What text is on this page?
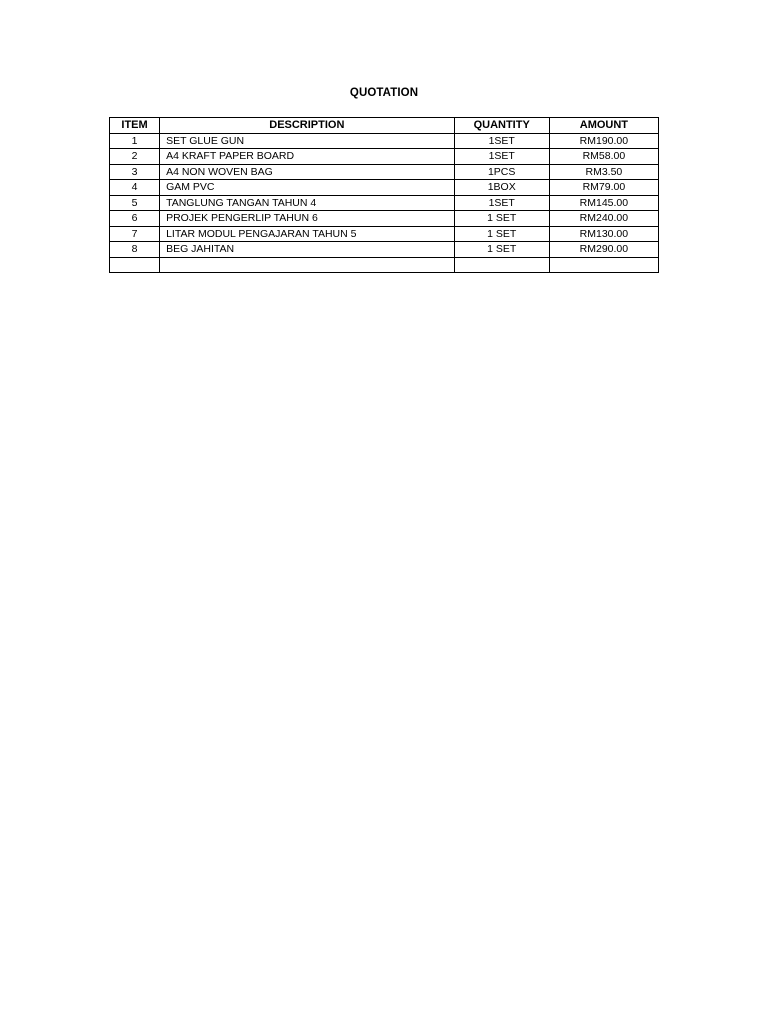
QUOTATION
ITEM	DESCRIPTION	QUANTITY	AMOUNT
1	SET GLUE GUN	1SET	RM190.00
2	A4 KRAFT PAPER BOARD	1SET	RM58.00
3	A4 NON WOVEN BAG	1PCS	RM3.50
4	GAM PVC	1BOX	RM79.00
5	TANGLUNG TANGAN TAHUN 4	1SET	RM145.00
6	PROJEK PENGERLIP TAHUN 6	1 SET	RM240.00
7	LITAR MODUL PENGAJARAN TAHUN 5	1 SET	RM130.00
8	BEG JAHITAN	1 SET	RM290.00
